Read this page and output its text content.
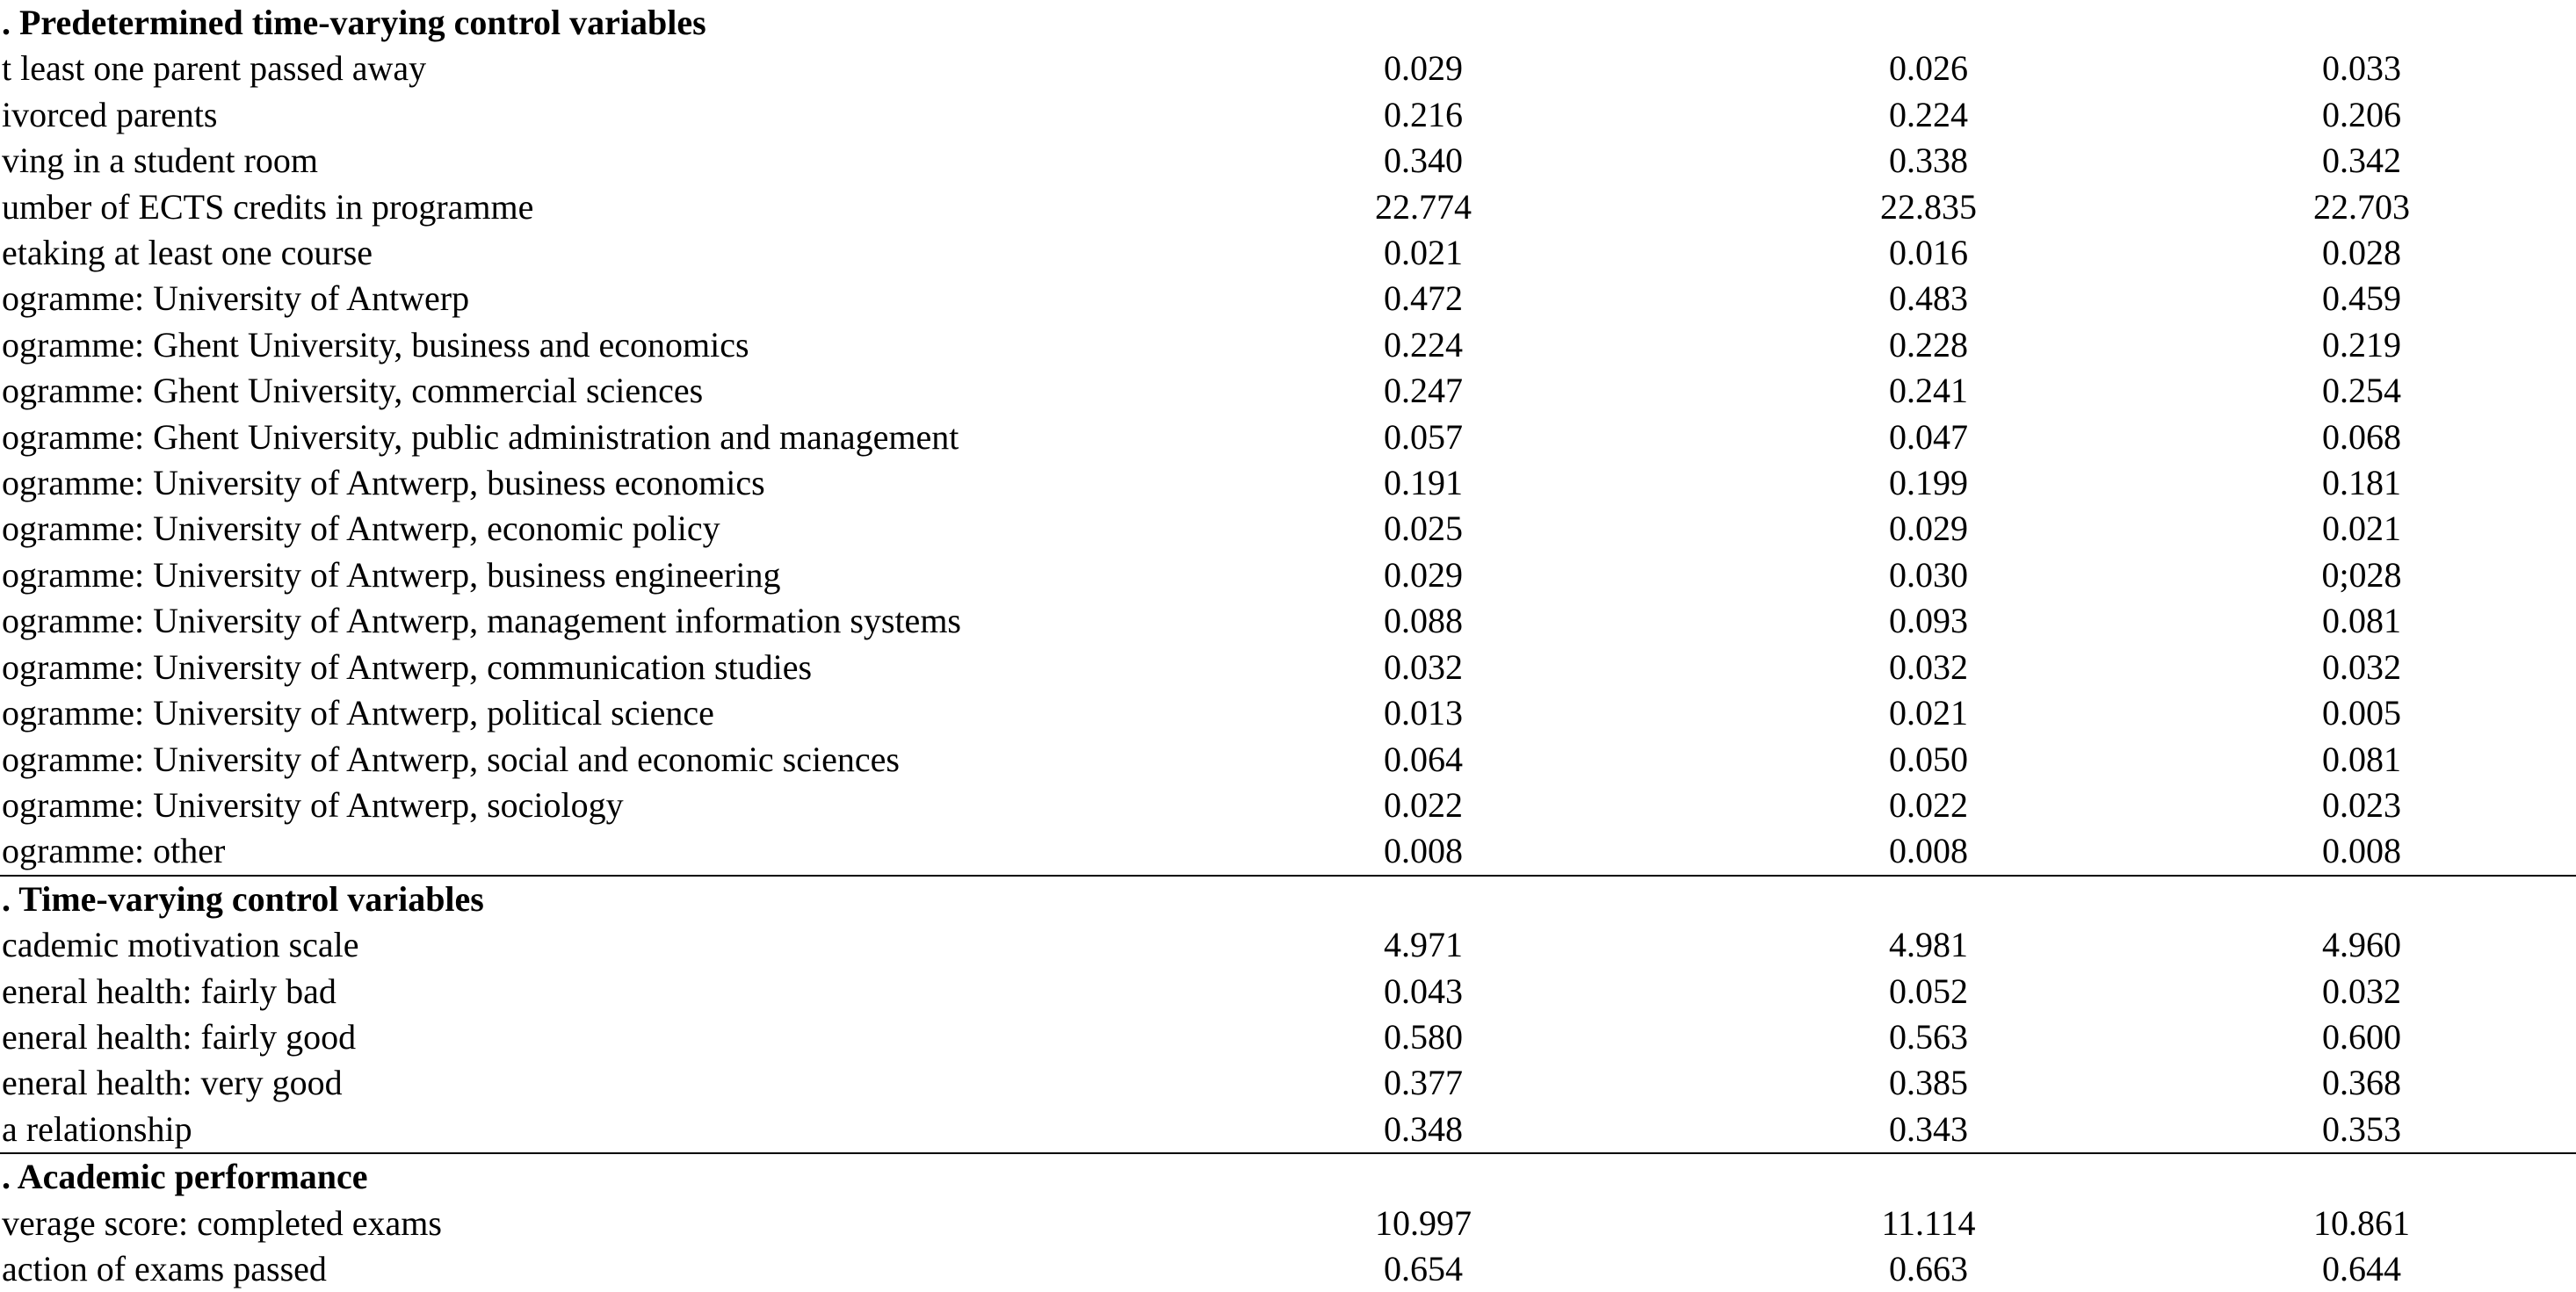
. Predetermined time-varying control variables			
t least one parent passed away	0.029	0.026	0.033
ivorced parents	0.216	0.224	0.206
ving in a student room	0.340	0.338	0.342
umber of ECTS credits in programme	22.774	22.835	22.703
etaking at least one course	0.021	0.016	0.028
ogramme: University of Antwerp	0.472	0.483	0.459
ogramme: Ghent University, business and economics	0.224	0.228	0.219
ogramme: Ghent University, commercial sciences	0.247	0.241	0.254
ogramme: Ghent University, public administration and management	0.057	0.047	0.068
ogramme: University of Antwerp, business economics	0.191	0.199	0.181
ogramme: University of Antwerp, economic policy	0.025	0.029	0.021
ogramme: University of Antwerp, business engineering	0.029	0.030	0;028
ogramme: University of Antwerp, management information systems	0.088	0.093	0.081
ogramme: University of Antwerp, communication studies	0.032	0.032	0.032
ogramme: University of Antwerp, political science	0.013	0.021	0.005
ogramme: University of Antwerp, social and economic sciences	0.064	0.050	0.081
ogramme: University of Antwerp, sociology	0.022	0.022	0.023
ogramme: other	0.008	0.008	0.008
. Time-varying control variables			
cademic motivation scale	4.971	4.981	4.960
eneral health: fairly bad	0.043	0.052	0.032
eneral health: fairly good	0.580	0.563	0.600
eneral health: very good	0.377	0.385	0.368
a relationship	0.348	0.343	0.353
. Academic performance			
verage score: completed exams	10.997	11.114	10.861
action of exams passed	0.654	0.663	0.644
